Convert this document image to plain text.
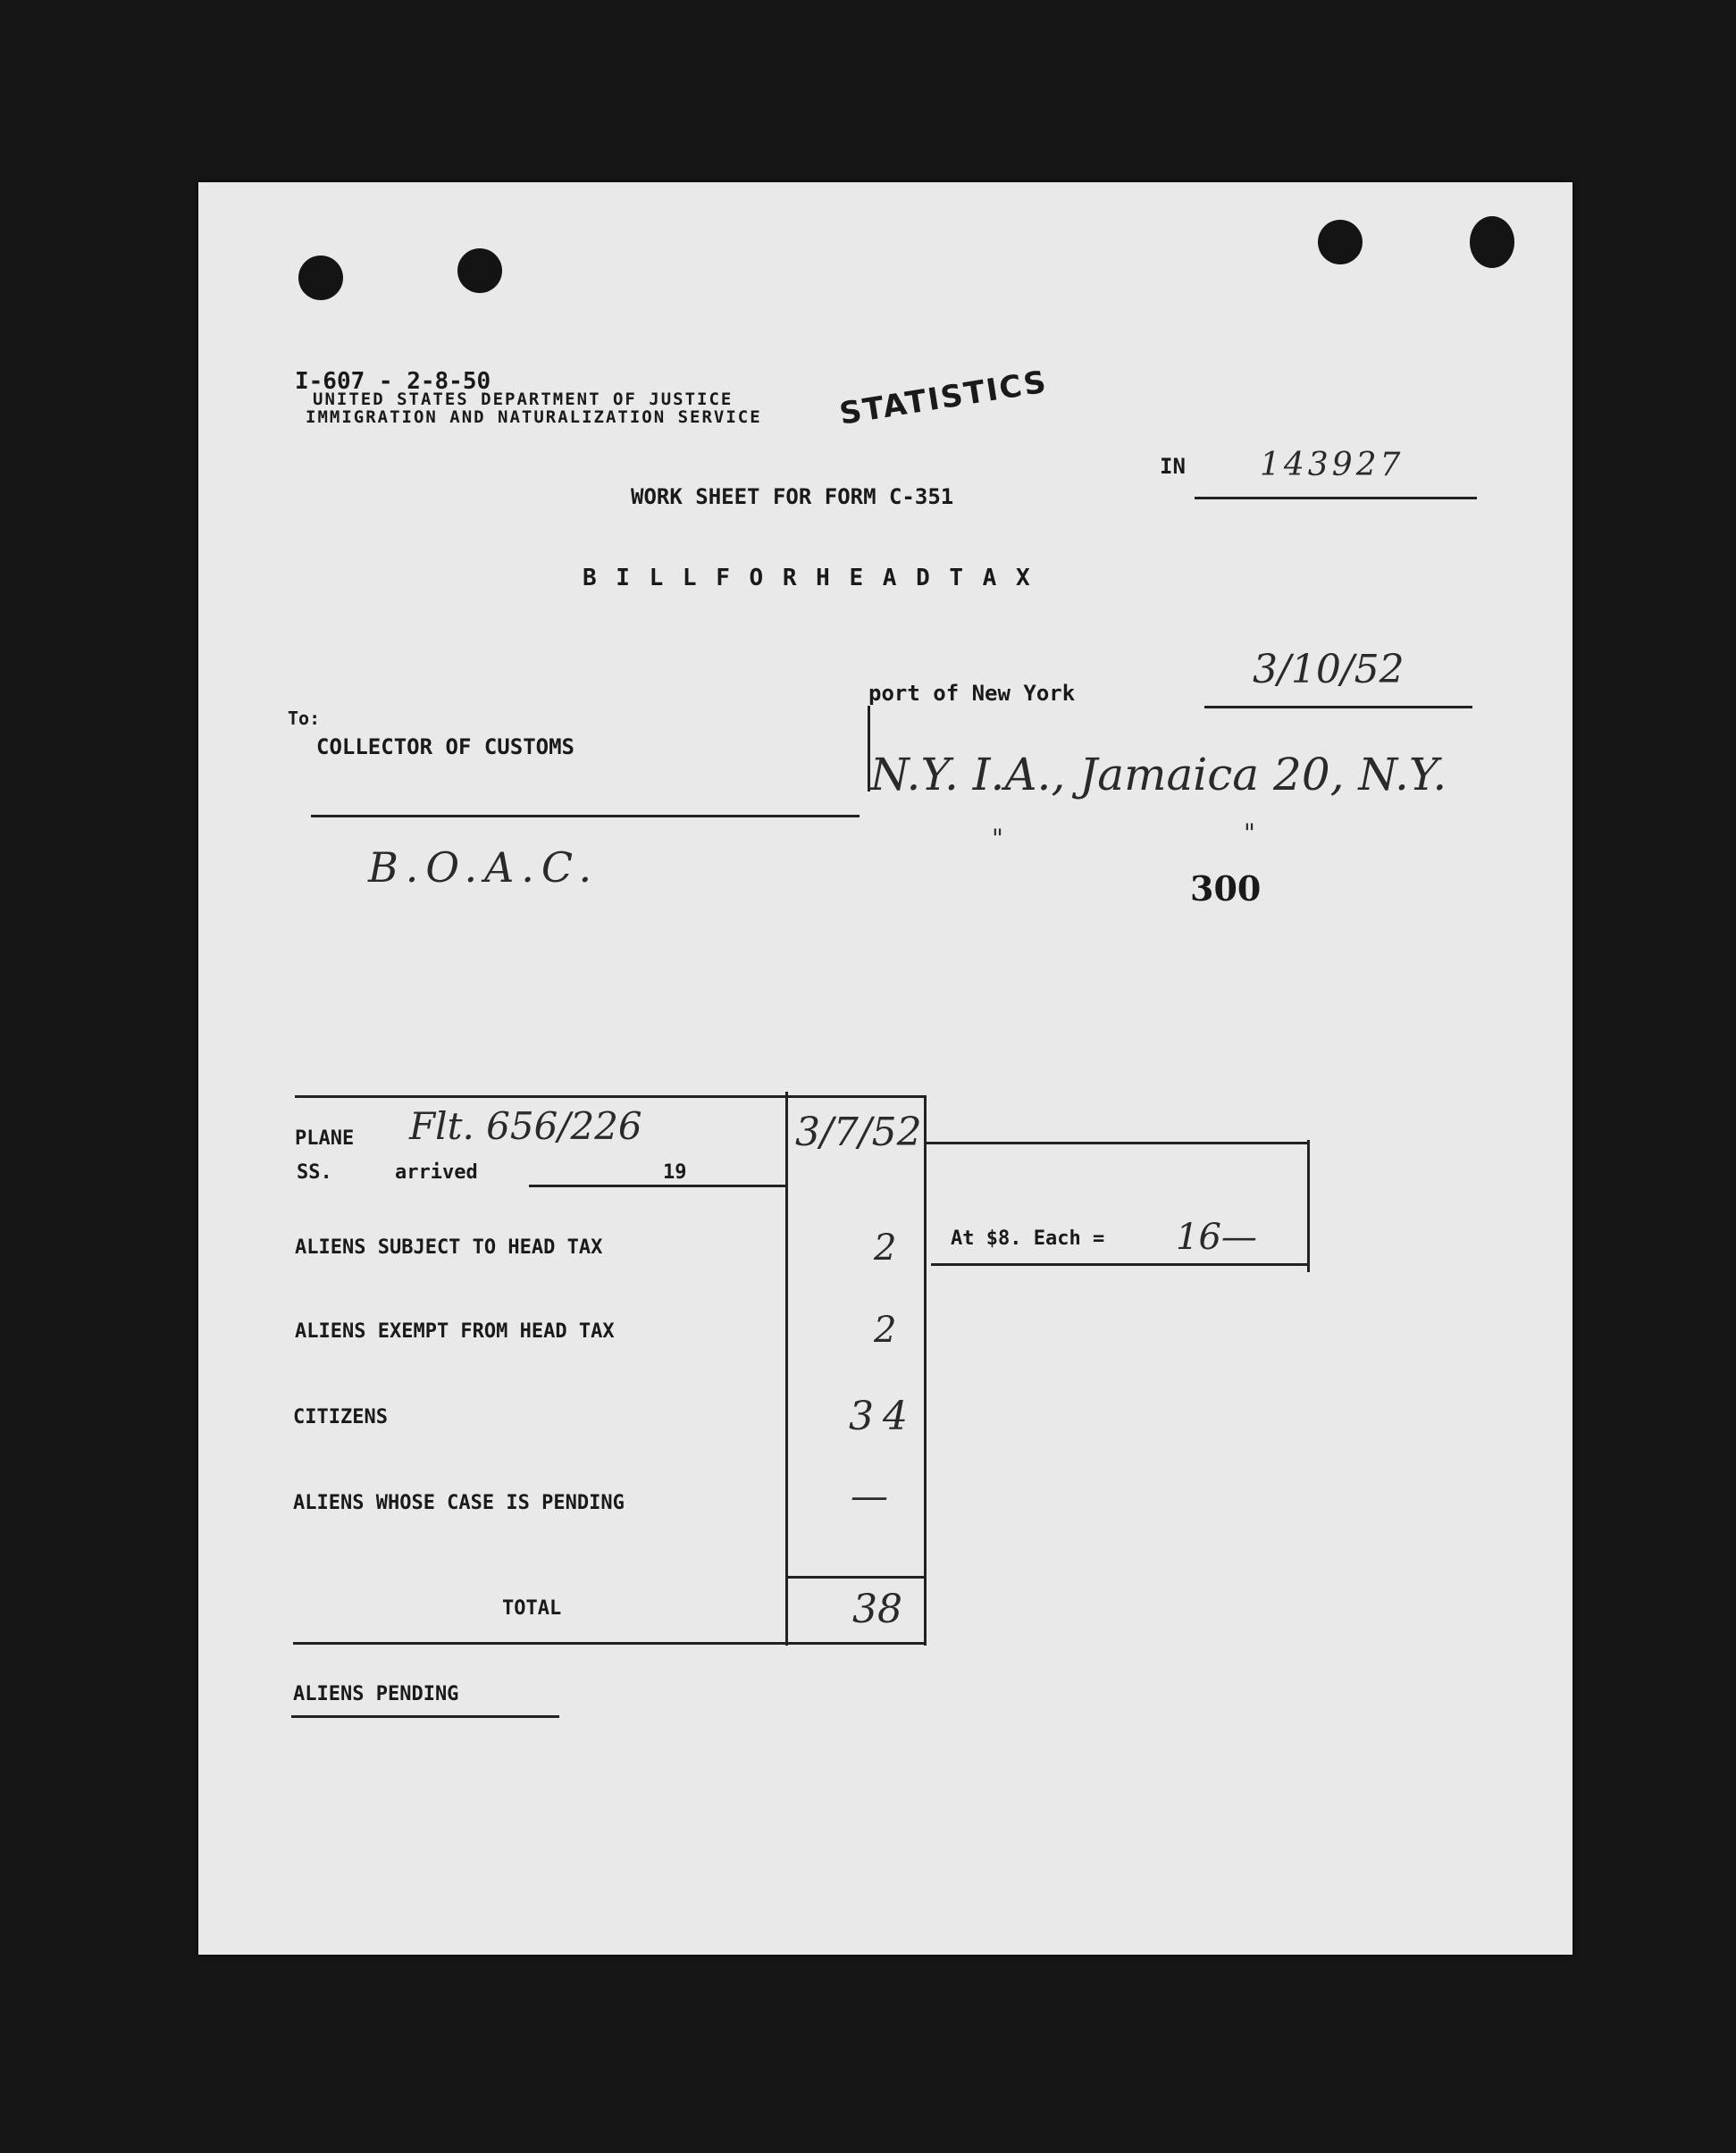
I-607 - 2-8-50
UNITED STATES DEPARTMENT OF JUSTICE
IMMIGRATION AND NATURALIZATION SERVICE STATISTICS
IN 143927
WORK SHEET FOR FORM C-351
B I L L F O R H E A D T A X
port of New York
3/10/52
To:
COLLECTOR OF CUSTOMS
N.Y. I.A., Jamaica 20, N.Y.
"	"
B.O.A.C.	300
PLANE
SS.	arrived	19
Flt. 656/226	3/7/52
ALIENS SUBJECT TO HEAD TAX	2
ALIENS EXEMPT FROM HEAD TAX	2
CITIZENS	34
ALIENS WHOSE CASE IS PENDING	—
TOTAL	38
At $8. Each = 16—
ALIENS PENDING
